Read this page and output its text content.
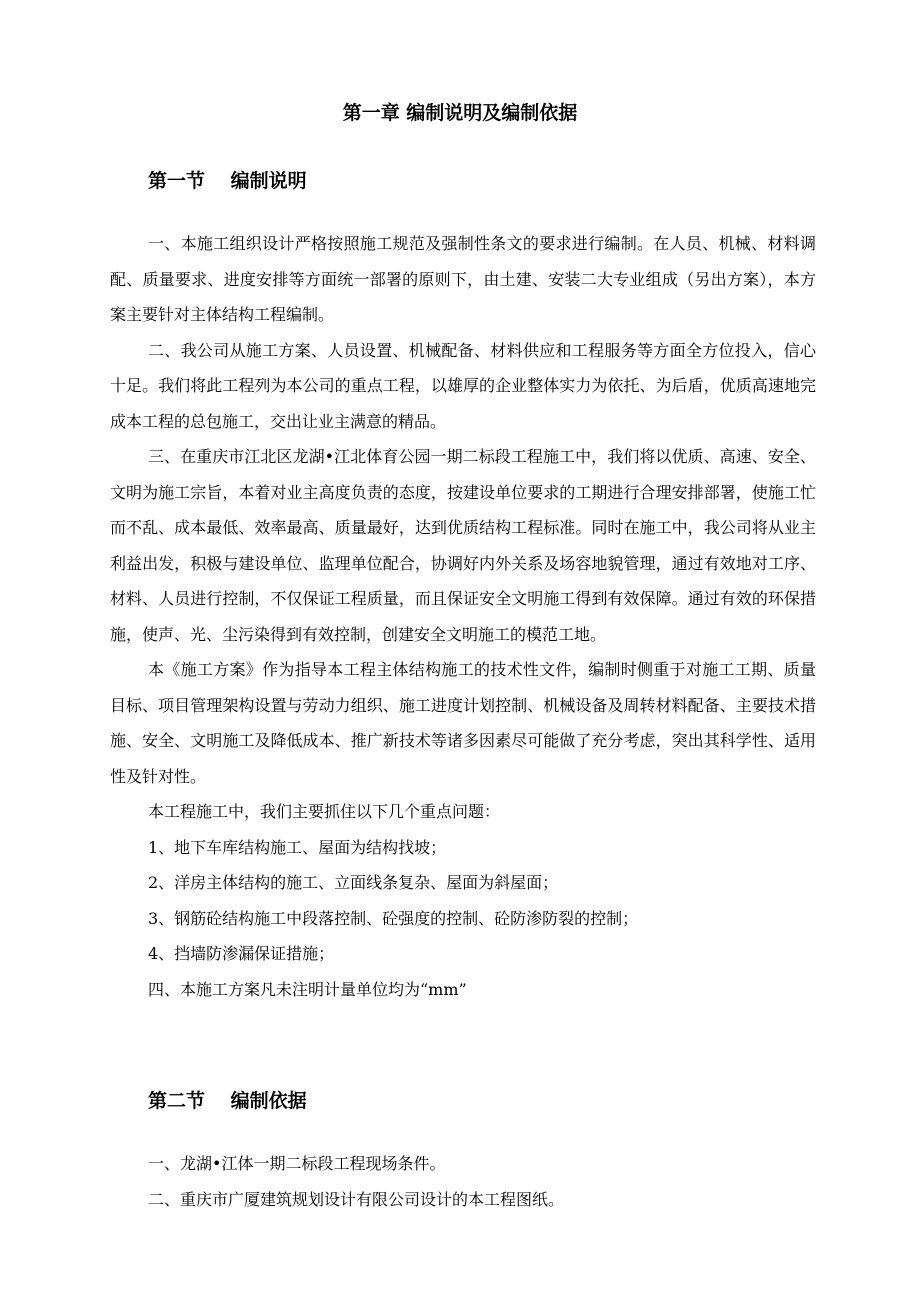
第一章 编制说明及编制依据
第一节　 编制说明

一、本施工组织设计严格按照施工规范及强制性条文的要求进行编制。在人员、机械、材料调配、质量要求、进度安排等方面统一部署的原则下，由土建、安装二大专业组成（另出方案），本方案主要针对主体结构工程编制。

二、我公司从施工方案、人员设置、机械配备、材料供应和工程服务等方面全方位投入，信心十足。我们将此工程列为本公司的重点工程，以雄厚的企业整体实力为依托、为后盾，优质高速地完成本工程的总包施工，交出让业主满意的精品。

三、在重庆市江北区龙湖•江北体育公园一期二标段工程施工中，我们将以优质、高速、安全、文明为施工宗旨，本着对业主高度负责的态度，按建设单位要求的工期进行合理安排部署，使施工忙而不乱、成本最低、效率最高、质量最好，达到优质结构工程标准。同时在施工中，我公司将从业主利益出发，积极与建设单位、监理单位配合，协调好内外关系及场容地貌管理，通过有效地对工序、材料、人员进行控制，不仅保证工程质量，而且保证安全文明施工得到有效保障。通过有效的环保措施，使声、光、尘污染得到有效控制，创建安全文明施工的模范工地。

本《施工方案》作为指导本工程主体结构施工的技术性文件，编制时侧重于对施工工期、质量目标、项目管理架构设置与劳动力组织、施工进度计划控制、机械设备及周转材料配备、主要技术措施、安全、文明施工及降低成本、推广新技术等诸多因素尽可能做了充分考虑，突出其科学性、适用性及针对性。

本工程施工中，我们主要抓住以下几个重点问题：

1、地下车库结构施工、屋面为结构找坡；

2、洋房主体结构的施工、立面线条复杂、屋面为斜屋面；

3、钢筋砼结构施工中段落控制、砼强度的控制、砼防渗防裂的控制；

4、挡墙防渗漏保证措施；

四、本施工方案凡未注明计量单位均为“mm”

第二节　 编制依据

一、龙湖•江体一期二标段工程现场条件。

二、重庆市广厦建筑规划设计有限公司设计的本工程图纸。
